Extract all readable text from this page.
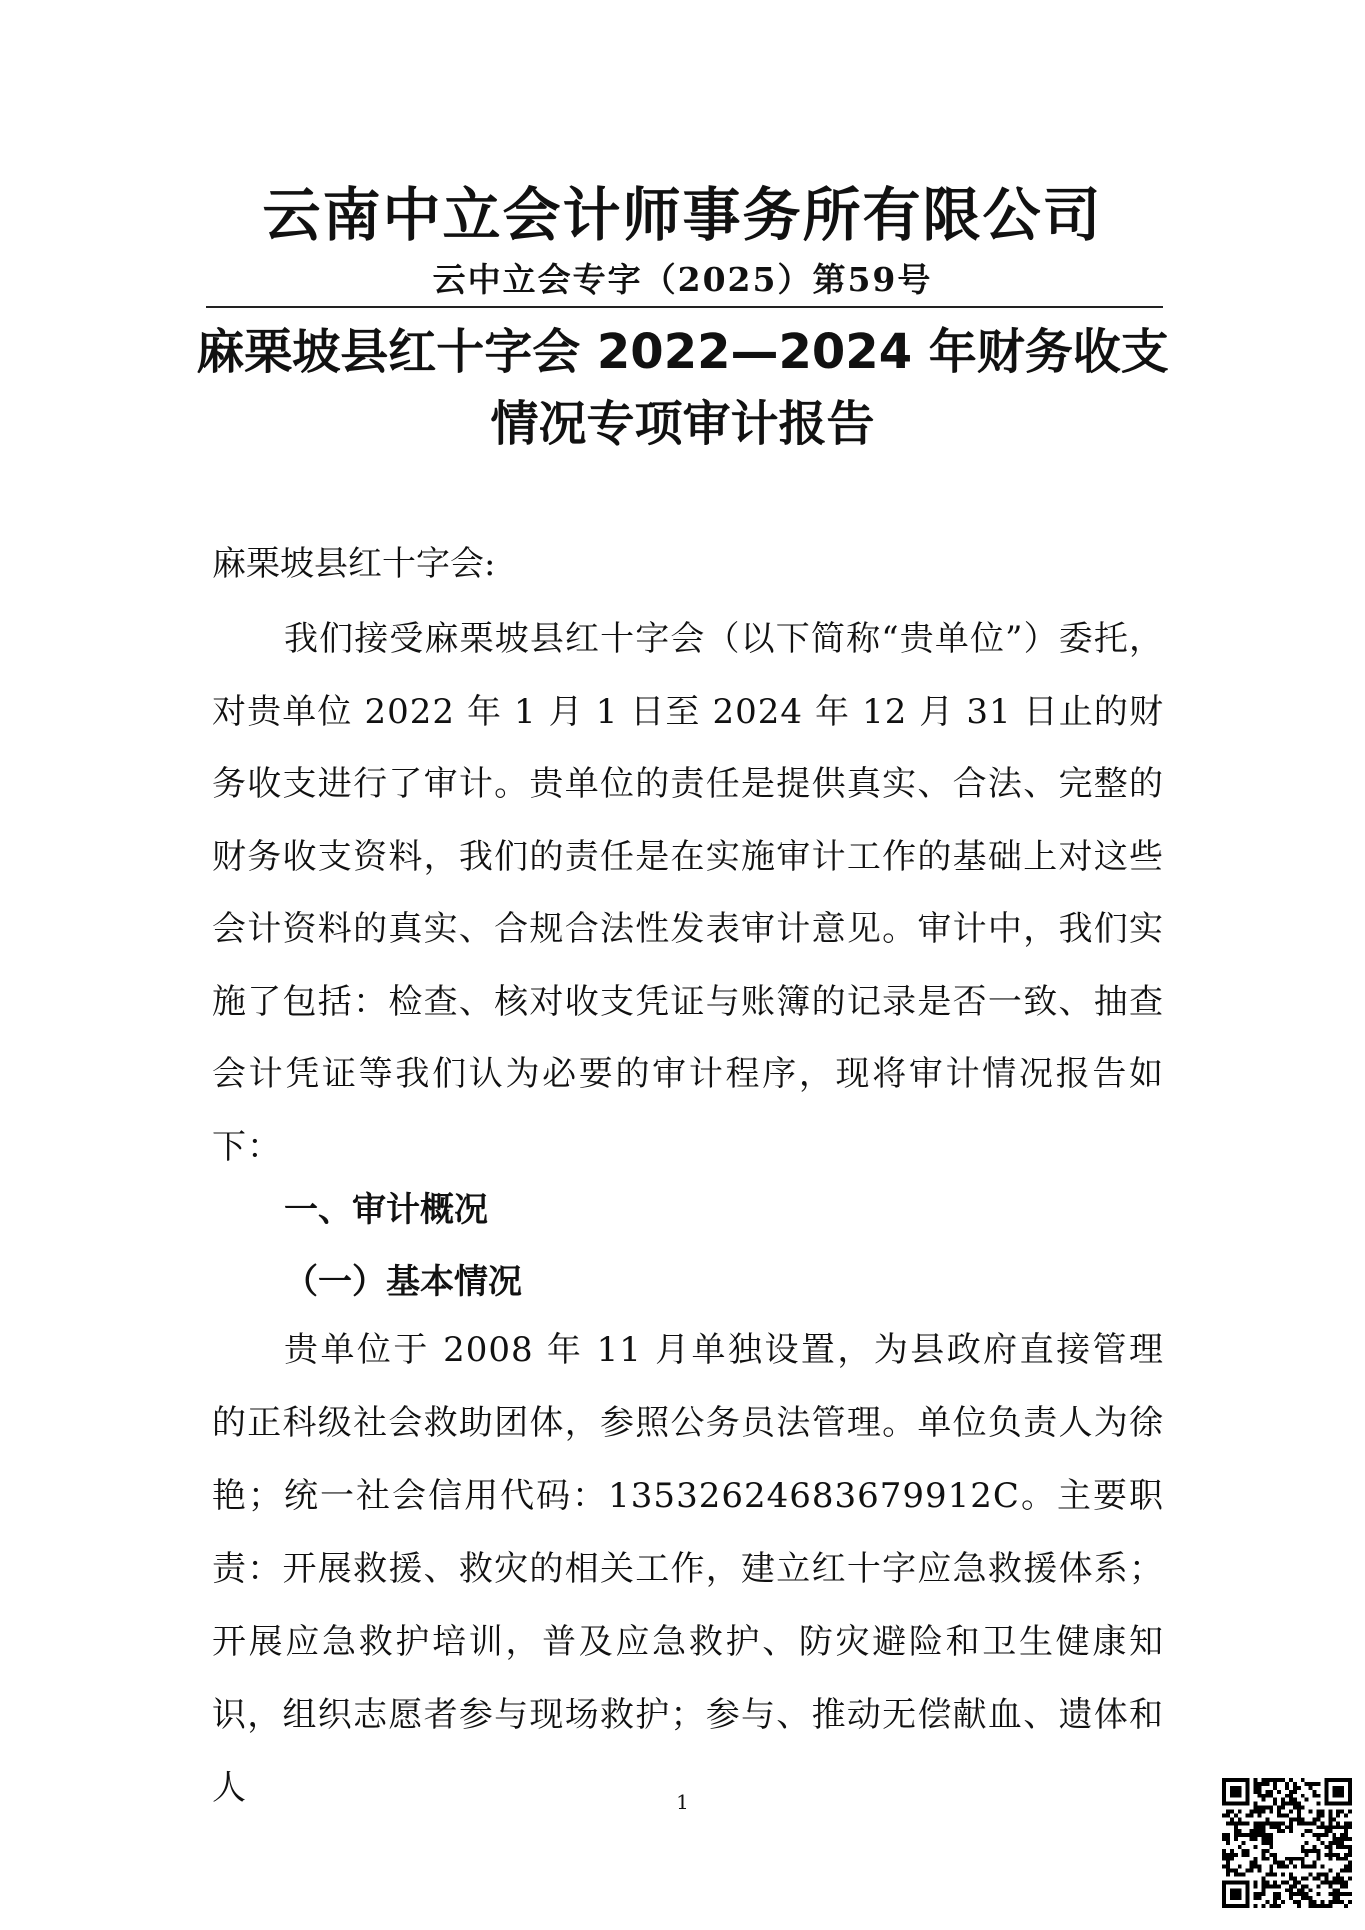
云南中立会计师事务所有限公司

云中立会专字（2025）第59号

麻栗坡县红十字会 2022—2024 年财务收支
情况专项审计报告

麻栗坡县红十字会:

我们接受麻栗坡县红十字会（以下简称“贵单位”）委托，对贵单位 2022 年 1 月 1 日至 2024 年 12 月 31 日止的财务收支进行了审计。贵单位的责任是提供真实、合法、完整的财务收支资料，我们的责任是在实施审计工作的基础上对这些会计资料的真实、合规合法性发表审计意见。审计中，我们实施了包括：检查、核对收支凭证与账簿的记录是否一致、抽查会计凭证等我们认为必要的审计程序，现将审计情况报告如下：

一、审计概况
（一）基本情况

贵单位于 2008 年 11 月单独设置，为县政府直接管理的正科级社会救助团体，参照公务员法管理。单位负责人为徐艳；统一社会信用代码：13532624683679912C。主要职责：开展救援、救灾的相关工作，建立红十字应急救援体系；开展应急救护培训，普及应急救护、防灾避险和卫生健康知识，组织志愿者参与现场救护；参与、推动无偿献血、遗体和人	1
